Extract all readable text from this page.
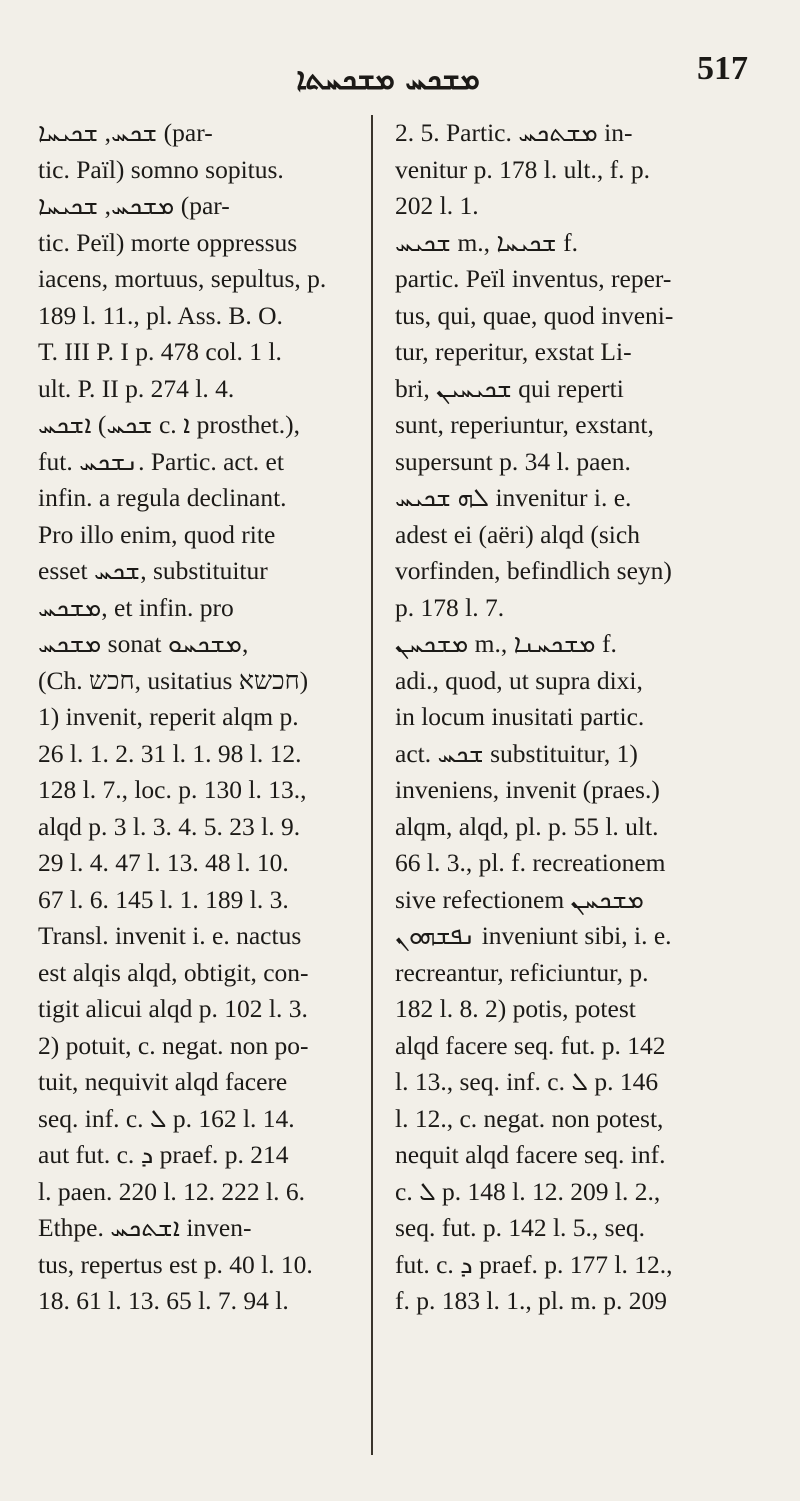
ܡܫܟܚ ܡܫܟܚܬܐ	517

ܫܟܚ, ܫܟܝܚܐ (par-

tic. Païl) somno sopitus.

ܡܫܟܚ, ܫܟܝܚܐ (par-

tic. Peïl) morte oppressus

iacens, mortuus, sepultus, p.

189 l. 11., pl. Ass. B. O.

T. III P. I p. 478 col. 1 l.

ult. P. II p. 274 l. 4.

ܐܫܟܚ (ܫܟܚ c. ܐ prosthet.),

fut. ܢܫܟܚ. Partic. act. et

infin. a regula declinant.

Pro illo enim, quod rite

esset ܫܟܚ, substituitur

ܡܫܟܚ, et infin. pro

ܡܫܟܚ sonat ܡܫܟܚܘ,

(Ch. חכש, usitatius חכשא)

1) invenit, reperit alqm p.

26 l. 1. 2. 31 l. 1. 98 l. 12.

128 l. 7., loc. p. 130 l. 13.,

alqd p. 3 l. 3. 4. 5. 23 l. 9.

29 l. 4. 47 l. 13. 48 l. 10.

67 l. 6. 145 l. 1. 189 l. 3.

Transl. invenit i. e. nactus

est alqis alqd, obtigit, con-

tigit alicui alqd p. 102 l. 3.

2) potuit, c. negat. non po-

tuit, nequivit alqd facere

seq. inf. c. ܠ p. 162 l. 14.

aut fut. c. ܕ praef. p. 214

l. paen. 220 l. 12. 222 l. 6.

Ethpe. ܐܫܬܟܚ inven-

tus, repertus est p. 40 l. 10.

18. 61 l. 13. 65 l. 7. 94 l.

2. 5. Partic. ܡܫܬܟܚ in-

venitur p. 178 l. ult., f. p.

202 l. 1.

ܫܟܝܚ m., ܫܟܝܚܐ f.

partic. Peïl inventus, reper-

tus, qui, quae, quod inveni-

tur, reperitur, exstat Li-

bri, ܫܟܝܚܝܢ qui reperti

sunt, reperiuntur, exstant,

supersunt p. 34 l. paen.

ܠܗ ܫܟܝܚ invenitur i. e.

adest ei (aëri) alqd (sich

vorfinden, befindlich seyn)

p. 178 l. 7.

ܡܫܟܚܢ m., ܡܫܟܚܢܐ f.

adi., quod, ut supra dixi,

in locum inusitati partic.

act. ܫܟܚ substituitur, 1)

inveniens, invenit (praes.)

alqm, alqd, pl. p. 55 l. ult.

66 l. 3., pl. f. recreationem

sive refectionem ܡܫܟܚܢ

ܢܦܫܗܘܢ inveniunt sibi, i. e.

recreantur, reficiuntur, p.

182 l. 8. 2) potis, potest

alqd facere seq. fut. p. 142

l. 13., seq. inf. c. ܠ p. 146

l. 12., c. negat. non potest,

nequit alqd facere seq. inf.

c. ܠ p. 148 l. 12. 209 l. 2.,

seq. fut. p. 142 l. 5., seq.

fut. c. ܕ praef. p. 177 l. 12.,

f. p. 183 l. 1., pl. m. p. 209
